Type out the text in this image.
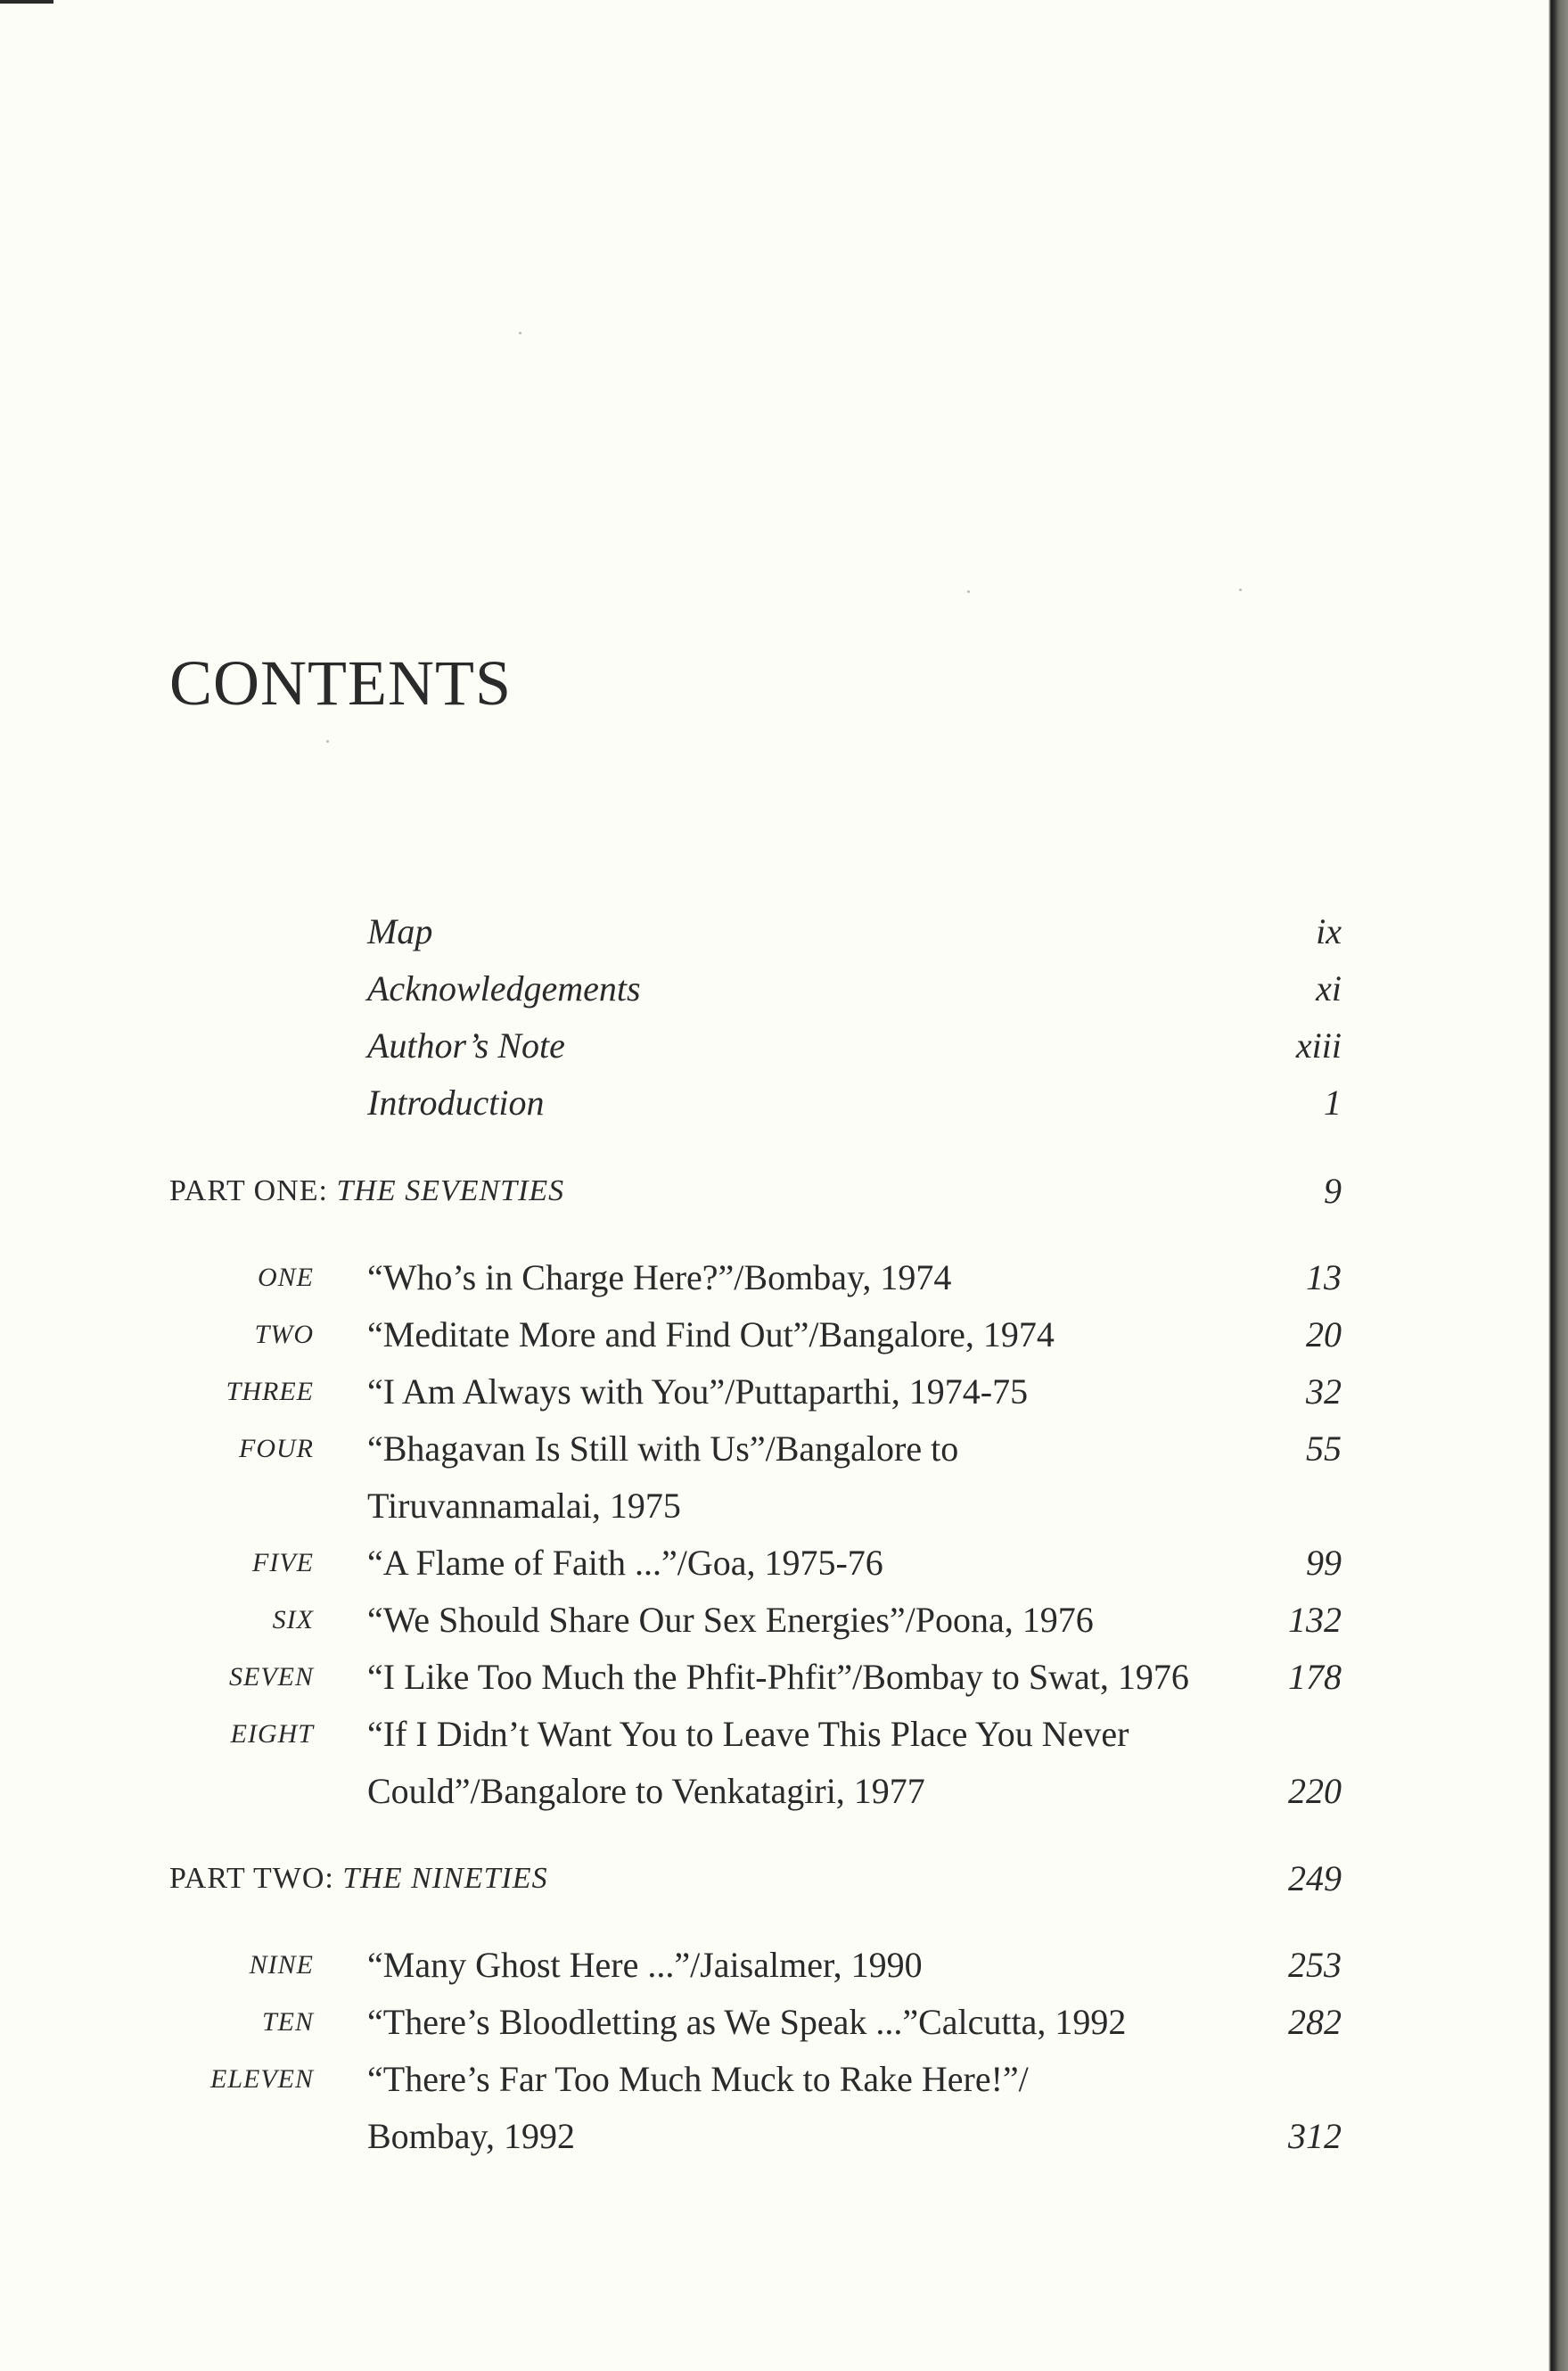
CONTENTS
Map	ix
Acknowledgements	xi
Author’s Note	xiii
Introduction	1
PART ONE: THE SEVENTIES	9
ONE “Who’s in Charge Here?”/Bombay, 1974	13
TWO “Meditate More and Find Out”/Bangalore, 1974	20
THREE “I Am Always with You”/Puttaparthi, 1974-75	32
FOUR “Bhagavan Is Still with Us”/Bangalore to	55
Tiruvannamalai, 1975
FIVE “A Flame of Faith ...”/Goa, 1975-76	99
SIX “We Should Share Our Sex Energies”/Poona, 1976	132
SEVEN “I Like Too Much the Phfit-Phfit”/Bombay to Swat, 1976	178
EIGHT “If I Didn’t Want You to Leave This Place You Never
Could”/Bangalore to Venkatagiri, 1977	220
PART TWO: THE NINETIES	249
NINE “Many Ghost Here ...”/Jaisalmer, 1990	253
TEN “There’s Bloodletting as We Speak ...”Calcutta, 1992	282
ELEVEN “There’s Far Too Much Muck to Rake Here!”/
Bombay, 1992	312
